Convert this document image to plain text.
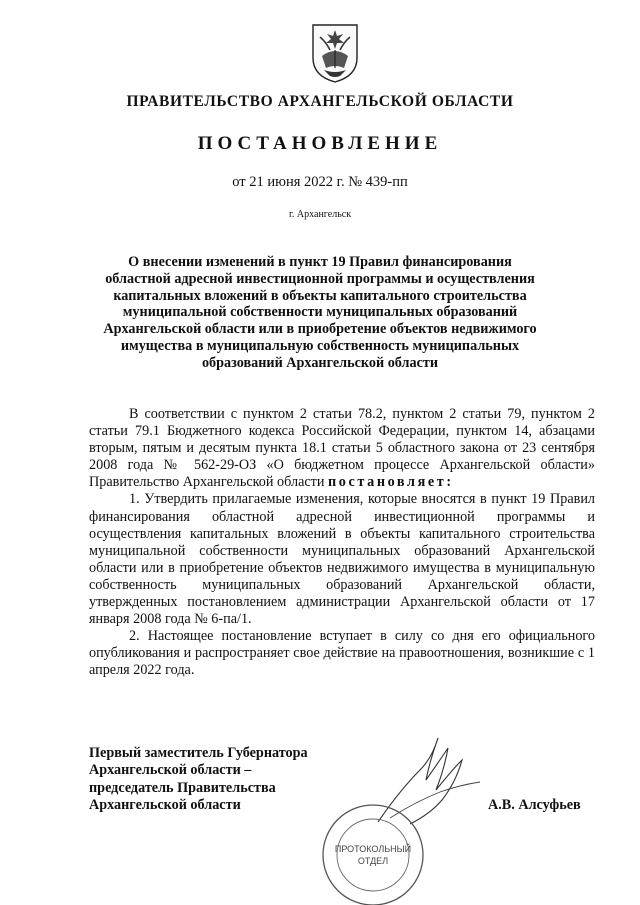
ПРАВИТЕЛЬСТВО АРХАНГЕЛЬСКОЙ ОБЛАСТИ
ПОСТАНОВЛЕНИЕ
от 21 июня 2022 г. № 439-пп
г. Архангельск
О внесении изменений в пункт 19 Правил финансирования
областной адресной инвестиционной программы и осуществления
капитальных вложений в объекты капитального строительства
муниципальной собственности муниципальных образований
Архангельской области или в приобретение объектов недвижимого
имущества в муниципальную собственность муниципальных
образований Архангельской области

В соответствии с пунктом 2 статьи 78.2, пунктом 2 статьи 79, пунктом 2 статьи 79.1 Бюджетного кодекса Российской Федерации, пунктом 14, абзацами вторым, пятым и десятым пункта 18.1 статьи 5 областного закона от 23 сентября 2008 года № 562-29-ОЗ «О бюджетном процессе Архангельской области» Правительство Архангельской области постановляет:

1. Утвердить прилагаемые изменения, которые вносятся в пункт 19 Правил финансирования областной адресной инвестиционной программы и осуществления капитальных вложений в объекты капитального строительства муниципальной собственности муниципальных образований Архангельской области или в приобретение объектов недвижимого имущества в муниципальную собственность муниципальных образований Архангельской области, утвержденных постановлением администрации Архангельской области от 17 января 2008 года № 6-па/1.

2. Настоящее постановление вступает в силу со дня его официального опубликования и распространяет свое действие на правоотношения, возникшие с 1 апреля 2022 года.

Первый заместитель Губернатора
Архангельской области –
председатель Правительства
Архангельской области	А.В. Алсуфьев
ПРОТОКОЛЬНЫЙ
ОТДЕЛ
